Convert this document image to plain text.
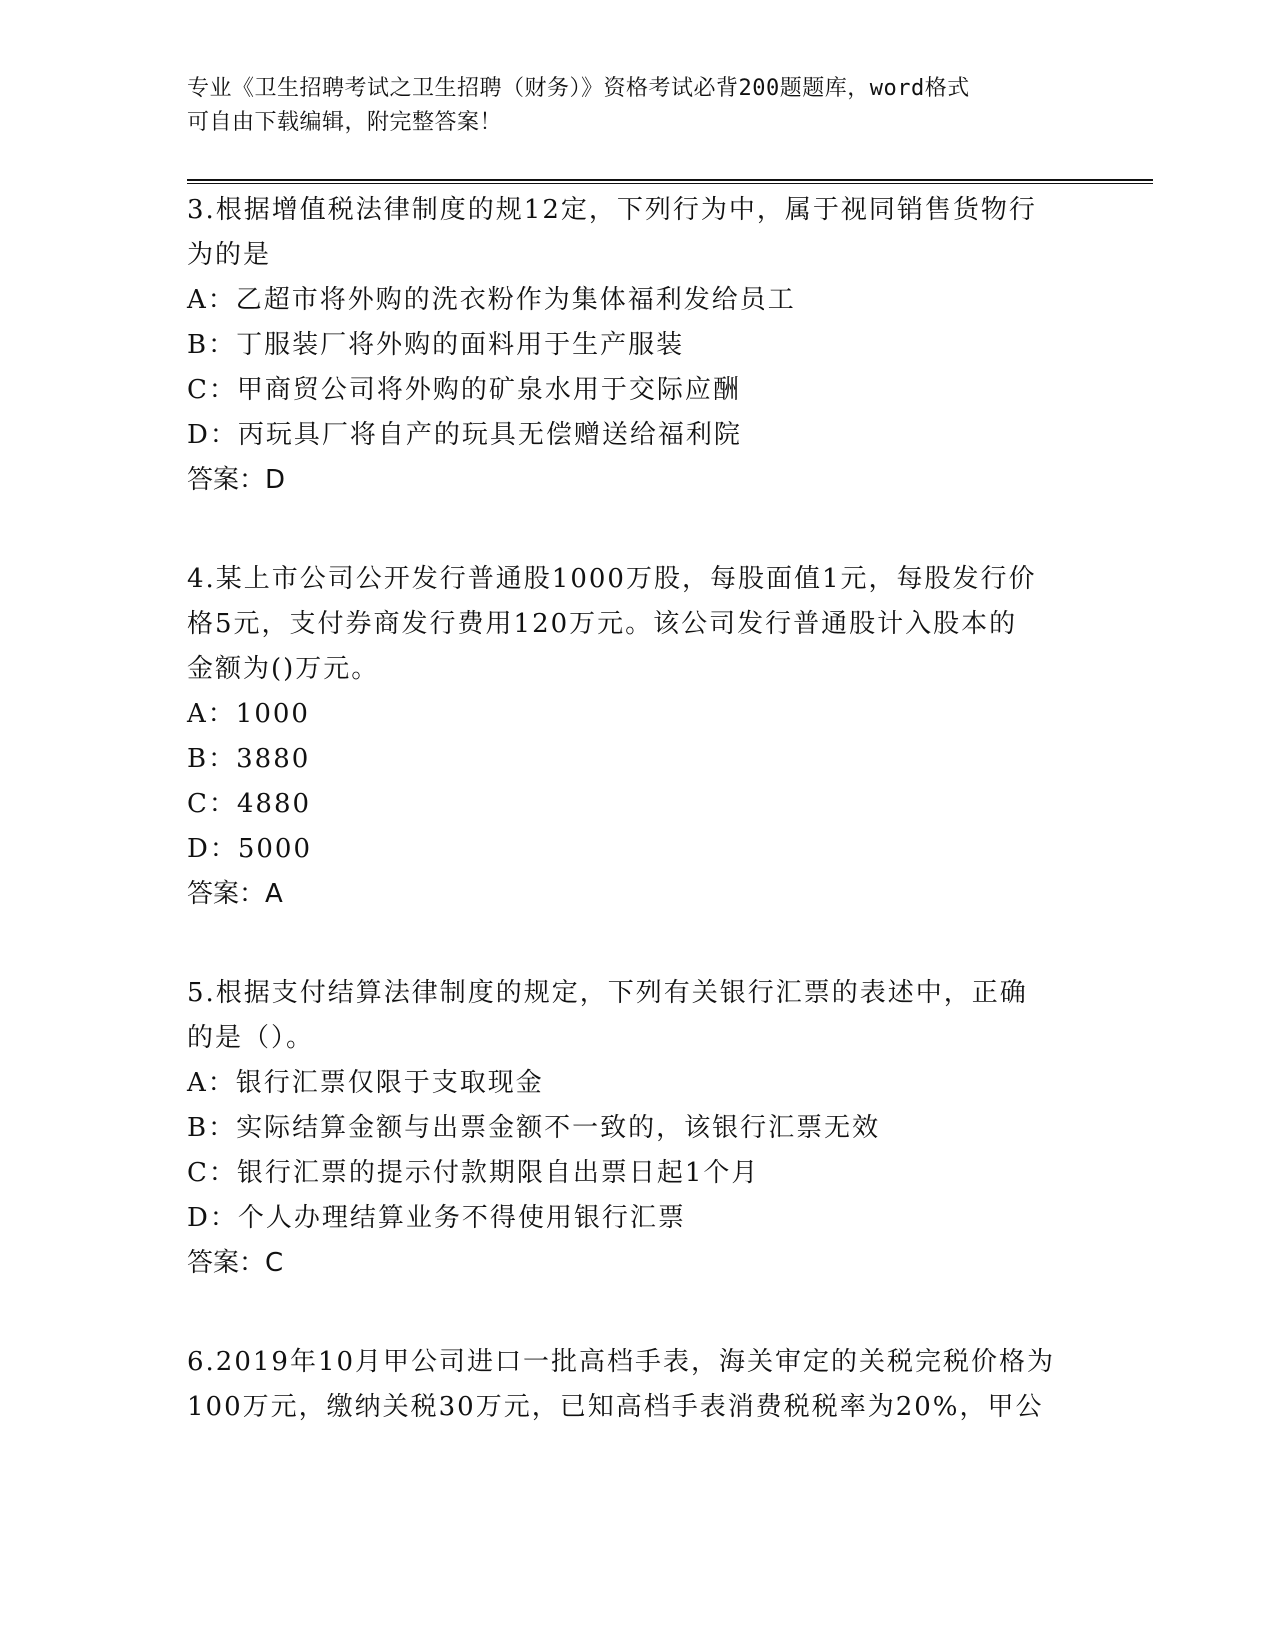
专业《卫生招聘考试之卫生招聘（财务）》资格考试必背200题题库，word格式
可自由下载编辑，附完整答案！
3.根据增值税法律制度的规12定，下列行为中，属于视同销售货物行
为的是
A：乙超市将外购的洗衣粉作为集体福利发给员工
B：丁服装厂将外购的面料用于生产服装
C：甲商贸公司将外购的矿泉水用于交际应酬
D：丙玩具厂将自产的玩具无偿赠送给福利院
答案：D
4.某上市公司公开发行普通股1000万股，每股面值1元，每股发行价
格5元，支付券商发行费用120万元。该公司发行普通股计入股本的
金额为()万元。
A：1000
B：3880
C：4880
D：5000
答案：A
5.根据支付结算法律制度的规定，下列有关银行汇票的表述中，正确
的是（）。
A：银行汇票仅限于支取现金
B：实际结算金额与出票金额不一致的，该银行汇票无效
C：银行汇票的提示付款期限自出票日起1个月
D：个人办理结算业务不得使用银行汇票
答案：C
6.2019年10月甲公司进口一批高档手表，海关审定的关税完税价格为
100万元，缴纳关税30万元，已知高档手表消费税税率为20%，甲公
